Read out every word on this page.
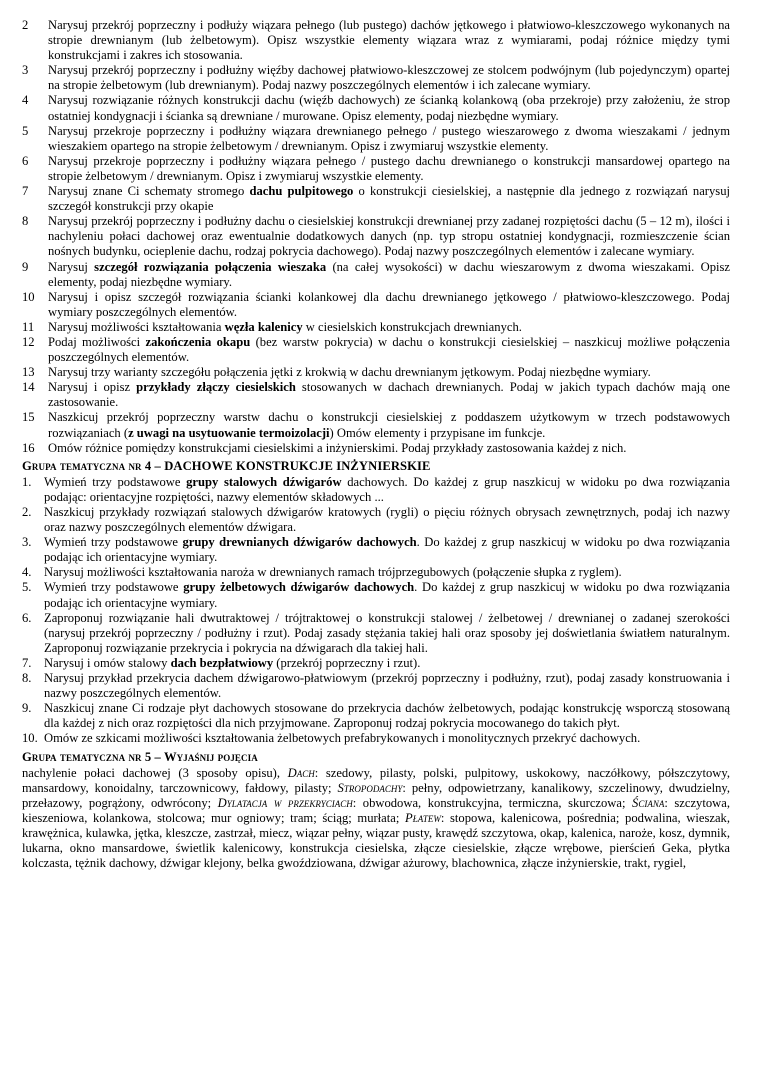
2	Narysuj przekrój poprzeczny i podłuży wiązara pełnego (lub pustego) dachów jętkowego i płatwiowo-kleszczowego wykonanych na stropie drewnianym (lub żelbetowym). Opisz wszystkie elementy wiązara wraz z wymiarami, podaj różnice między tymi konstrukcjami i zakres ich stosowania.
3	Narysuj przekrój poprzeczny i podłużny więźby dachowej płatwiowo-kleszczowej ze stolcem podwójnym (lub pojedynczym) opartej na stropie żelbetowym (lub drewnianym). Podaj nazwy poszczególnych elementów i ich zalecane wymiary.
4	Narysuj rozwiązanie różnych konstrukcji dachu (więźb dachowych) ze ścianką kolankową (oba przekroje) przy założeniu, że strop ostatniej kondygnacji i ścianka są drewniane / murowane. Opisz elementy, podaj niezbędne wymiary.
5	Narysuj przekroje poprzeczny i podłużny wiązara drewnianego pełnego / pustego wieszarowego z dwoma wieszakami / jednym wieszakiem opartego na stropie żelbetowym / drewnianym. Opisz i zwymiaruj wszystkie elementy.
6	Narysuj przekroje poprzeczny i podłużny wiązara pełnego / pustego dachu drewnianego o konstrukcji mansardowej opartego na stropie żelbetowym / drewnianym. Opisz i zwymiaruj wszystkie elementy.
7	Narysuj znane Ci schematy stromego dachu pulpitowego o konstrukcji ciesielskiej, a następnie dla jednego z rozwiązań narysuj szczegół konstrukcji przy okapie
8	Narysuj przekrój poprzeczny i podłużny dachu o ciesielskiej konstrukcji drewnianej przy zadanej rozpiętości dachu (5 – 12 m), ilości i nachyleniu połaci dachowej oraz ewentualnie dodatkowych danych (np. typ stropu ostatniej kondygnacji, rozmieszczenie ścian nośnych budynku, ocieplenie dachu, rodzaj pokrycia dachowego). Podaj nazwy poszczególnych elementów i zalecane wymiary.
9	Narysuj szczegół rozwiązania połączenia wieszaka (na całej wysokości) w dachu wieszarowym z dwoma wieszakami. Opisz elementy, podaj niezbędne wymiary.
10	Narysuj i opisz szczegół rozwiązania ścianki kolankowej dla dachu drewnianego jętkowego / płatwiowo-kleszczowego. Podaj wymiary poszczególnych elementów.
11	Narysuj możliwości kształtowania węzła kalenicy w ciesielskich konstrukcjach drewnianych.
12	Podaj możliwości zakończenia okapu (bez warstw pokrycia) w dachu o konstrukcji ciesielskiej – naszkicuj możliwe połączenia poszczególnych elementów.
13	Narysuj trzy warianty szczegółu połączenia jętki z krokwią w dachu drewnianym jętkowym. Podaj niezbędne wymiary.
14	Narysuj i opisz przykłady złączy ciesielskich stosowanych w dachach drewnianych. Podaj w jakich typach dachów mają one zastosowanie.
15	Naszkicuj przekrój poprzeczny warstw dachu o konstrukcji ciesielskiej z poddaszem użytkowym w trzech podstawowych rozwiązaniach (z uwagi na usytuowanie termoizolacji) Omów elementy i przypisane im funkcje.
16	Omów różnice pomiędzy konstrukcjami ciesielskimi a inżynierskimi. Podaj przykłady zastosowania każdej z nich.
Grupa tematyczna nr 4 – DACHOWE KONSTRUKCJE INŻYNIERSKIE
1. Wymień trzy podstawowe grupy stalowych dźwigarów dachowych. Do każdej z grup naszkicuj w widoku po dwa rozwiązania podając: orientacyjne rozpiętości, nazwy elementów składowych ...
2. Naszkicuj przykłady rozwiązań stalowych dźwigarów kratowych (rygli) o pięciu różnych obrysach zewnętrznych, podaj ich nazwy oraz nazwy poszczególnych elementów dźwigara.
3. Wymień trzy podstawowe grupy drewnianych dźwigarów dachowych. Do każdej z grup naszkicuj w widoku po dwa rozwiązania podając ich orientacyjne wymiary.
4. Narysuj możliwości kształtowania naroża w drewnianych ramach trójprzegubowych (połączenie słupka z ryglem).
5. Wymień trzy podstawowe grupy żelbetowych dźwigarów dachowych. Do każdej z grup naszkicuj w widoku po dwa rozwiązania podając ich orientacyjne wymiary.
6. Zaproponuj rozwiązanie hali dwutraktowej / trójtraktowej o konstrukcji stalowej / żelbetowej / drewnianej o zadanej szerokości (narysuj przekrój poprzeczny / podłużny i rzut). Podaj zasady stężania takiej hali oraz sposoby jej doświetlania światłem naturalnym. Zaproponuj rozwiązanie przekrycia i pokrycia na dźwigarach dla takiej hali.
7. Narysuj i omów stalowy dach bezpłatwiowy (przekrój poprzeczny i rzut).
8. Narysuj przykład przekrycia dachem dźwigarowo-płatwiowym (przekrój poprzeczny i podłużny, rzut), podaj zasady konstruowania i nazwy poszczególnych elementów.
9. Naszkicuj znane Ci rodzaje płyt dachowych stosowane do przekrycia dachów żelbetowych, podając konstrukcję wsporczą stosowaną dla każdej z nich oraz rozpiętości dla nich przyjmowane. Zaproponuj rodzaj pokrycia mocowanego do takich płyt.
10. Omów ze szkicami możliwości kształtowania żelbetowych prefabrykowanych i monolitycznych przekryć dachowych.
Grupa tematyczna nr 5 – Wyjaśnij pojęcia
nachylenie połaci dachowej (3 sposoby opisu), Dach: szedowy, pilasty, polski, pulpitowy, uskokowy, naczółkowy, półszczytowy, mansardowy, konoidalny, tarczownicowy, fałdowy, pilasty; Stropodachy: pełny, odpowietrzany, kanalikowy, szczelinowy, dwudzielny, przełazowy, pogrążony, odwrócony; Dylatacja w przekryciach: obwodowa, konstrukcyjna, termiczna, skurczowa; Ściana: szczytowa, kieszeniowa, kolankowa, stolcowa; mur ogniowy; tram; ściąg; murłata; Płatew: stopowa, kalenicowa, pośrednia; podwalina, wieszak, krawężnica, kulawka, jętka, kleszcze, zastrzał, miecz, wiązar pełny, wiązar pusty, krawędź szczytowa, okap, kalenica, naroże, kosz, dymnik, lukarna, okno mansardowe, świetlik kalenicowy, konstrukcja ciesielska, złącze ciesielskie, złącze wrębowe, pierścień Geka, płytka kolczasta, tężnik dachowy, dźwigar klejony, belka gwoździowana, dźwigar ażurowy, blachownica, złącze inżynierskie, trakt, rygiel,
